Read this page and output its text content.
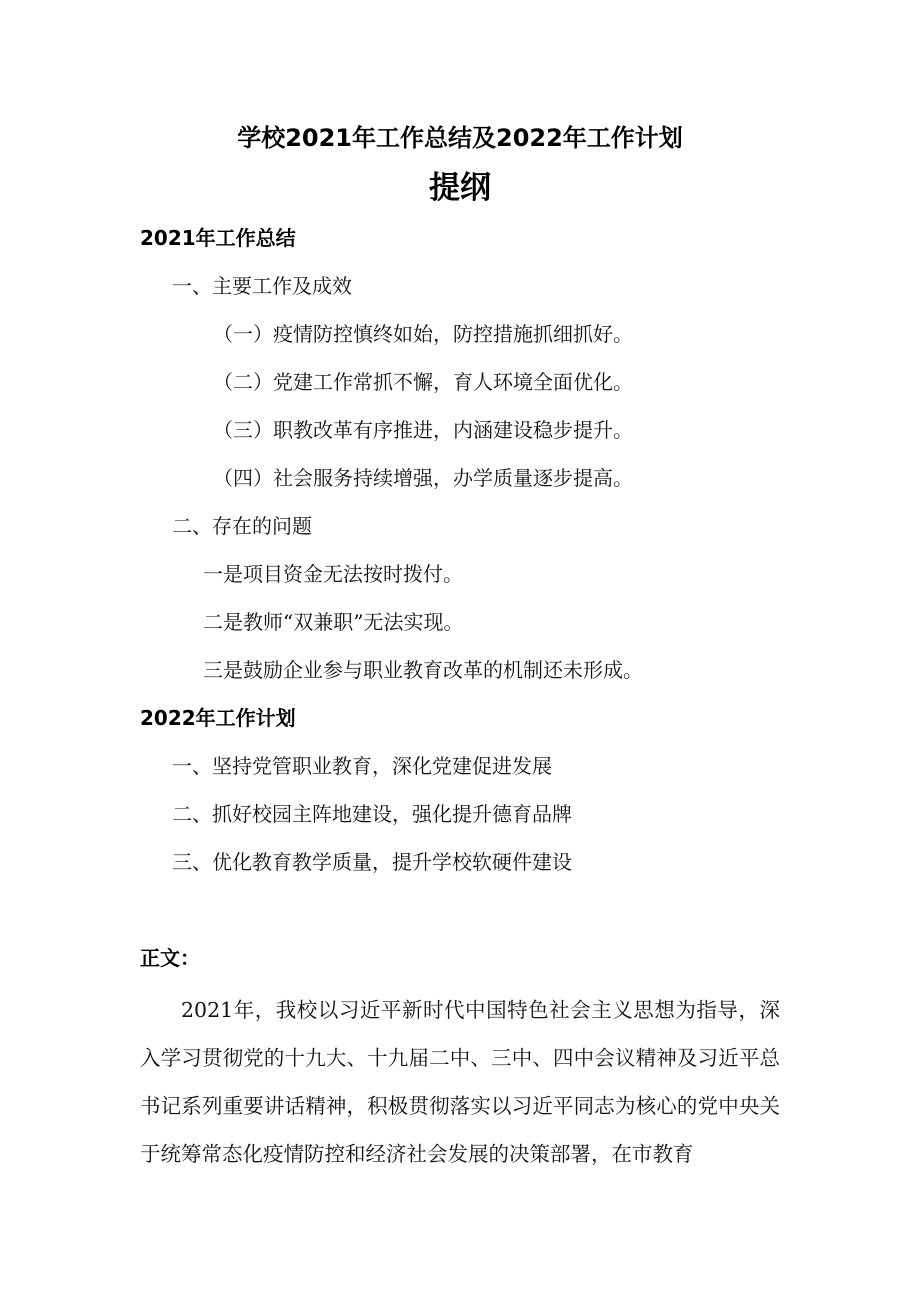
学校2021年工作总结及2022年工作计划
提纲

2021年工作总结

一、主要工作及成效

（一）疫情防控慎终如始，防控措施抓细抓好。

（二）党建工作常抓不懈，育人环境全面优化。

（三）职教改革有序推进，内涵建设稳步提升。

（四）社会服务持续增强，办学质量逐步提高。

二、存在的问题

一是项目资金无法按时拨付。

二是教师“双兼职”无法实现。

三是鼓励企业参与职业教育改革的机制还未形成。

2022年工作计划

一、坚持党管职业教育，深化党建促进发展

二、抓好校园主阵地建设，强化提升德育品牌

三、优化教育教学质量，提升学校软硬件建设

正文：

2021年，我校以习近平新时代中国特色社会主义思想为指导，深入学习贯彻党的十九大、十九届二中、三中、四中会议精神及习近平总书记系列重要讲话精神，积极贯彻落实以习近平同志为核心的党中央关于统筹常态化疫情防控和经济社会发展的决策部署，在市教育
